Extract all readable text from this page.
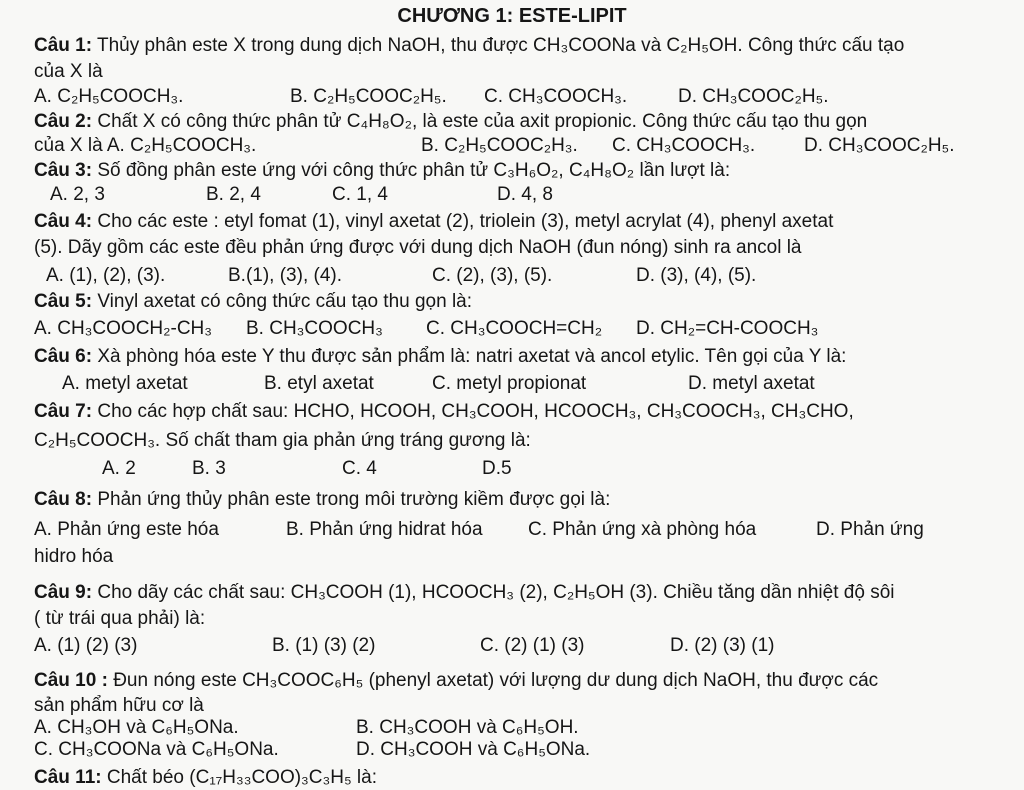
CHƯƠNG 1: ESTE-LIPIT
Câu 1: Thủy phân este X trong dung dịch NaOH, thu được CH₃COONa và C₂H₅OH. Công thức cấu tạo
của X là
A. C₂H₅COOCH₃.	B. C₂H₅COOC₂H₅. C. CH₃COOCH₃.	D. CH₃COOC₂H₅.
Câu 2: Chất X có công thức phân tử C₄H₈O₂, là este của axit propionic. Công thức cấu tạo thu gọn
của X là A. C₂H₅COOCH₃.	B. C₂H₅COOC₂H₃. C. CH₃COOCH₃.	D. CH₃COOC₂H₅.
Câu 3: Số đồng phân este ứng với công thức phân tử C₃H₆O₂, C₄H₈O₂ lần lượt là:
A. 2, 3	B. 2, 4	C. 1, 4	D. 4, 8
Câu 4: Cho các este : etyl fomat (1), vinyl axetat (2), triolein (3), metyl acrylat (4), phenyl axetat
(5). Dãy gồm các este đều phản ứng được với dung dịch NaOH (đun nóng) sinh ra ancol là
A. (1), (2), (3).	B.(1), (3), (4).	C. (2), (3), (5).	D. (3), (4), (5).
Câu 5: Vinyl axetat có công thức cấu tạo thu gọn là:
A. CH₃COOCH₂-CH₃ B. CH₃COOCH₃ C. CH₃COOCH=CH₂ D. CH₂=CH-COOCH₃
Câu 6: Xà phòng hóa este Y thu được sản phẩm là: natri axetat và ancol etylic. Tên gọi của Y là:
A. metyl axetat	B. etyl axetat	C. metyl propionat	D. metyl axetat
Câu 7: Cho các hợp chất sau: HCHO, HCOOH, CH₃COOH, HCOOCH₃, CH₃COOCH₃, CH₃CHO,
C₂H₅COOCH₃. Số chất tham gia phản ứng tráng gương là:
A. 2	B. 3	C. 4	D.5
Câu 8: Phản ứng thủy phân este trong môi trường kiềm được gọi là:
A. Phản ứng este hóa	B. Phản ứng hidrat hóa C. Phản ứng xà phòng hóa	D. Phản ứng
hidro hóa
Câu 9: Cho dãy các chất sau: CH₃COOH (1), HCOOCH₃ (2), C₂H₅OH (3). Chiều tăng dần nhiệt độ sôi
( từ trái qua phải) là:
A. (1) (2) (3)	B. (1) (3) (2)	C. (2) (1) (3)	D. (2) (3) (1)
Câu 10 : Đun nóng este CH₃COOC₆H₅ (phenyl axetat) với lượng dư dung dịch NaOH, thu được các
sản phẩm hữu cơ là
A. CH₃OH và C₆H₅ONa.	B. CH₃COOH và C₆H₅OH.
C. CH₃COONa và C₆H₅ONa.	D. CH₃COOH và C₆H₅ONa.
Câu 11: Chất béo (C₁₇H₃₃COO)₃C₃H₅ là:
